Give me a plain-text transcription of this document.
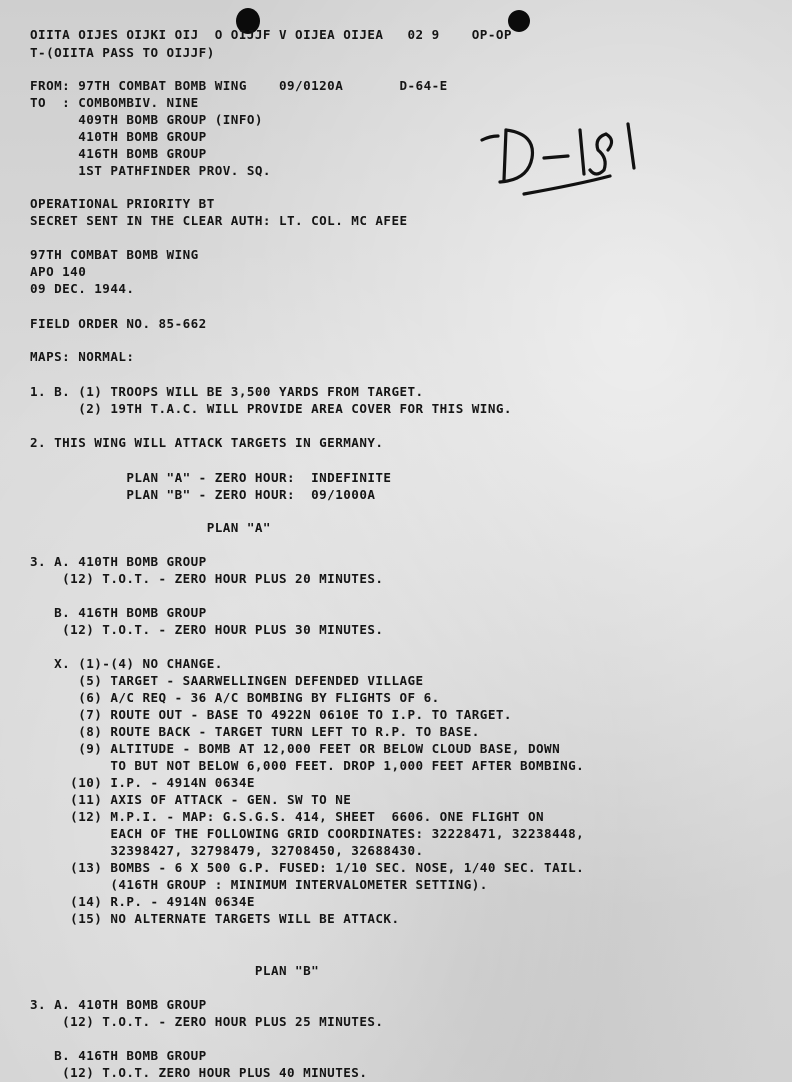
OIITA OIJES OIJKI OIJ  O OIJJF V OIJEA OIJEA   02 9    OP-OP
T-(OIITA PASS TO OIJJF)
FROM: 97TH COMBAT BOMB WING    09/0120A       D-64-E
TO  : COMBOMBIV. NINE
409TH BOMB GROUP (INFO)
410TH BOMB GROUP
416TH BOMB GROUP
1ST PATHFINDER PROV. SQ.
OPERATIONAL PRIORITY BT
SECRET SENT IN THE CLEAR AUTH: LT. COL. MC AFEE
97TH COMBAT BOMB WING
APO 140
09 DEC. 1944.
FIELD ORDER NO. 85-662
MAPS: NORMAL:
1. B. (1) TROOPS WILL BE 3,500 YARDS FROM TARGET.
(2) 19TH T.A.C. WILL PROVIDE AREA COVER FOR THIS WING.
2. THIS WING WILL ATTACK TARGETS IN GERMANY.
PLAN "A" - ZERO HOUR:  INDEFINITE
PLAN "B" - ZERO HOUR:  09/1000A
PLAN "A"
3. A. 410TH BOMB GROUP
(12) T.O.T. - ZERO HOUR PLUS 20 MINUTES.
B. 416TH BOMB GROUP
(12) T.O.T. - ZERO HOUR PLUS 30 MINUTES.
X. (1)-(4) NO CHANGE.
(5) TARGET - SAARWELLINGEN DEFENDED VILLAGE
(6) A/C REQ - 36 A/C BOMBING BY FLIGHTS OF 6.
(7) ROUTE OUT - BASE TO 4922N 0610E TO I.P. TO TARGET.
(8) ROUTE BACK - TARGET TURN LEFT TO R.P. TO BASE.
(9) ALTITUDE - BOMB AT 12,000 FEET OR BELOW CLOUD BASE, DOWN
TO BUT NOT BELOW 6,000 FEET. DROP 1,000 FEET AFTER BOMBING.
(10) I.P. - 4914N 0634E
(11) AXIS OF ATTACK - GEN. SW TO NE
(12) M.P.I. - MAP: G.S.G.S. 414, SHEET  6606. ONE FLIGHT ON
EACH OF THE FOLLOWING GRID COORDINATES: 32228471, 32238448,
32398427, 32798479, 32708450, 32688430.
(13) BOMBS - 6 X 500 G.P. FUSED: 1/10 SEC. NOSE, 1/40 SEC. TAIL.
(416TH GROUP : MINIMUM INTERVALOMETER SETTING).
(14) R.P. - 4914N 0634E
(15) NO ALTERNATE TARGETS WILL BE ATTACK.
PLAN "B"
3. A. 410TH BOMB GROUP
(12) T.O.T. - ZERO HOUR PLUS 25 MINUTES.
B. 416TH BOMB GROUP
(12) T.O.T. ZERO HOUR PLUS 40 MINUTES.
